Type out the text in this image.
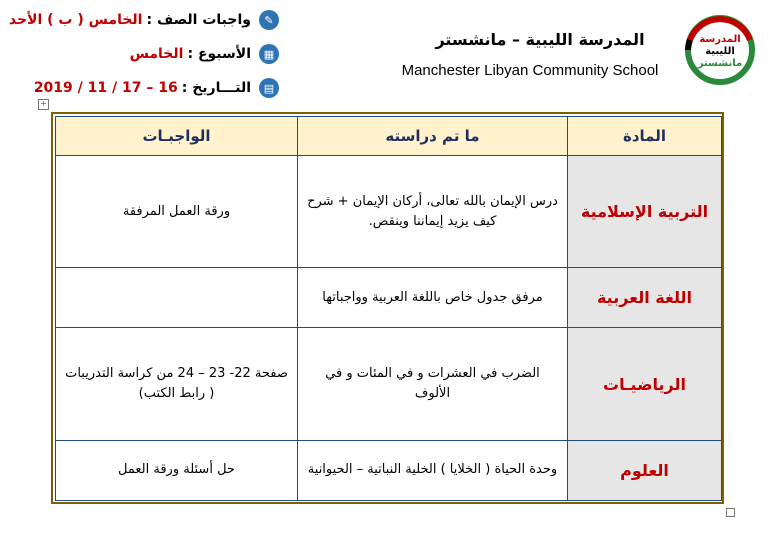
المدرسة
الليبية
مانشستر
المدرسة الليبية – مانشستر
Manchester Libyan Community School
✎
واجبات الصف :
الخامس ( ب ) الأحد
▦
الأسبوع :
الخامس
▤
التـــاريخ :
16 – 17 / 11 / 2019
+
المادة	ما تم دراسته	الواجبـات
التربية الإسلامية	درس الإيمان بالله تعالى، أركان الإيمان + شرح كيف يزيد إيماننا وينقص.	ورقة العمل المرفقة
اللغة العربية	مرفق جدول خاص باللغة العربية وواجباتها	
الرياضيـات	الضرب في العشرات و في المئات و في الألوف	صفحة 22- 23 – 24 من كراسة التدريبات ( رابط الكتب)
العلوم	وحدة الحياة ( الخلايا ) الخلية النباتية – الحيوانية	حل أسئلة ورقة العمل
